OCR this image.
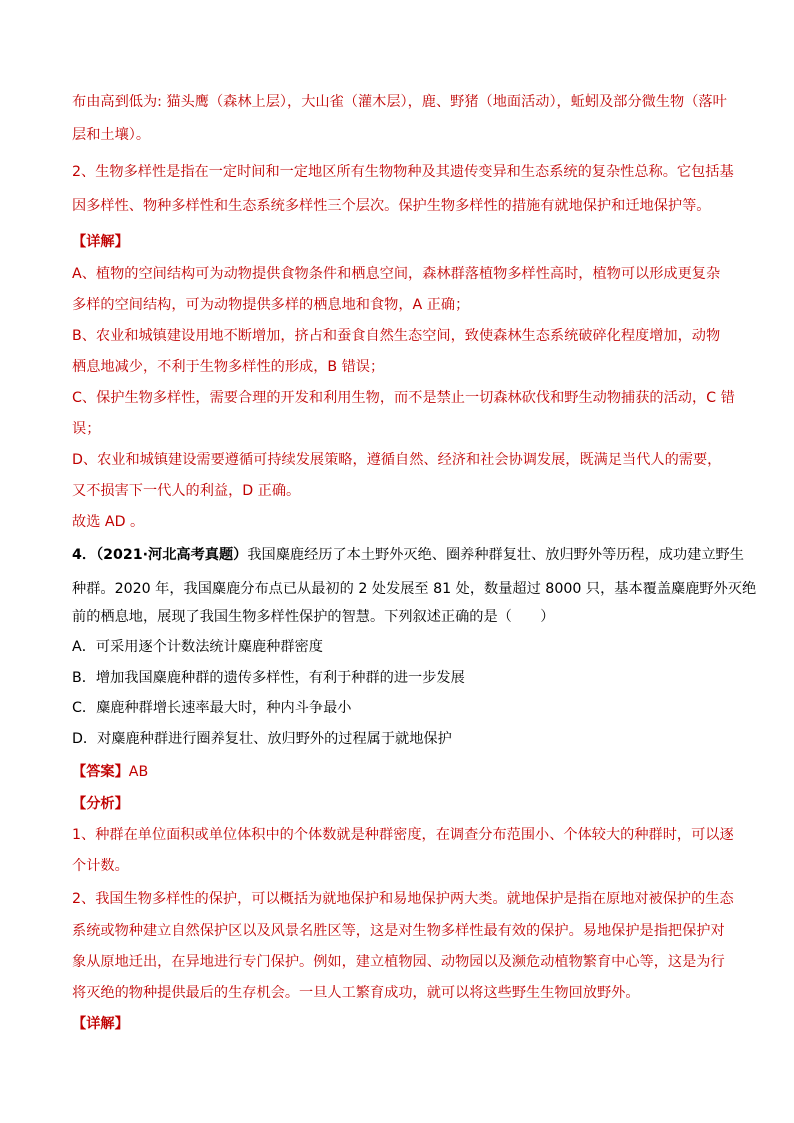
布由高到低为: 猫头鹰（森林上层），大山雀（灌木层），鹿、野猪（地面活动），蚯蚓及部分微生物（落叶
层和土壤）。
2、生物多样性是指在一定时间和一定地区所有生物物种及其遗传变异和生态系统的复杂性总称。它包括基
因多样性、物种多样性和生态系统多样性三个层次。保护生物多样性的措施有就地保护和迁地保护等。
【详解】
A、植物的空间结构可为动物提供食物条件和栖息空间，森林群落植物多样性高时，植物可以形成更复杂
多样的空间结构，可为动物提供多样的栖息地和食物，A 正确；
B、农业和城镇建设用地不断增加，挤占和蚕食自然生态空间，致使森林生态系统破碎化程度增加，动物
栖息地减少，不利于生物多样性的形成，B 错误；
C、保护生物多样性，需要合理的开发和利用生物，而不是禁止一切森林砍伐和野生动物捕获的活动，C 错
误；
D、农业和城镇建设需要遵循可持续发展策略，遵循自然、经济和社会协调发展，既满足当代人的需要，
又不损害下一代人的利益，D 正确。
故选 AD 。
4．（2021·河北高考真题）我国麋鹿经历了本土野外灭绝、圈养种群复壮、放归野外等历程，成功建立野生
种群。2020 年，我国麋鹿分布点已从最初的 2 处发展至 81 处，数量超过 8000 只，基本覆盖麋鹿野外灭绝
前的栖息地，展现了我国生物多样性保护的智慧。下列叙述正确的是（　　）
A．可采用逐个计数法统计麋鹿种群密度
B．增加我国麋鹿种群的遗传多样性，有利于种群的进一步发展
C．麋鹿种群增长速率最大时，种内斗争最小
D．对麋鹿种群进行圈养复壮、放归野外的过程属于就地保护
【答案】AB
【分析】
1、种群在单位面积或单位体积中的个体数就是种群密度，在调查分布范围小、个体较大的种群时，可以逐
个计数。
2、我国生物多样性的保护，可以概括为就地保护和易地保护两大类。就地保护是指在原地对被保护的生态
系统或物种建立自然保护区以及风景名胜区等，这是对生物多样性最有效的保护。易地保护是指把保护对
象从原地迁出，在异地进行专门保护。例如，建立植物园、动物园以及濒危动植物繁育中心等，这是为行
将灭绝的物种提供最后的生存机会。一旦人工繁育成功，就可以将这些野生生物回放野外。
【详解】
